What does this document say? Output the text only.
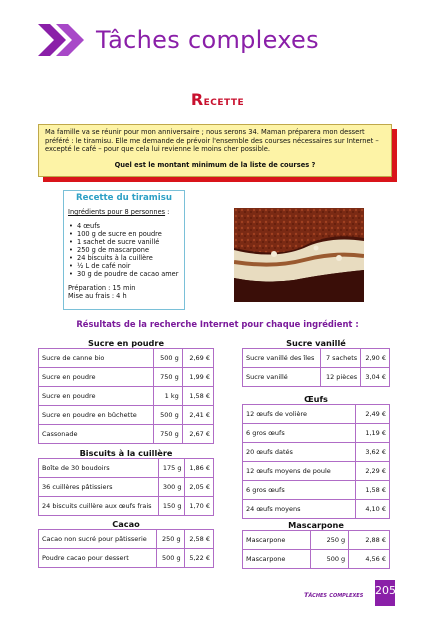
Tâches complexes
Recette
Ma famille va se réunir pour mon anniversaire ; nous serons 34. Maman préparera mon dessert préféré : le tiramisu. Elle me demande de prévoir l'ensemble des courses nécessaires sur Internet – excepté le café – pour que cela lui revienne le moins cher possible.
Quel est le montant minimum de la liste de courses ?
Recette du tiramisu
Ingrédients pour 8 personnes :
• 4 œufs
• 100 g de sucre en poudre
• 1 sachet de sucre vanillé
• 250 g de mascarpone
• 24 biscuits à la cuillère
• ½ L de café noir
• 30 g de poudre de cacao amer
Préparation : 15 min
Mise au frais : 4 h
Résultats de la recherche Internet pour chaque ingrédient :
Sucre en poudre
Sucre de canne bio	500 g	2,69 €
Sucre en poudre	750 g	1,99 €
Sucre en poudre	1 kg	1,58 €
Sucre en poudre en bûchette	500 g	2,41 €
Cassonade	750 g	2,67 €
Biscuits à la cuillère
Boîte de 30 boudoirs	175 g	1,86 €
36 cuillères pâtissiers	300 g	2,05 €
24 biscuits cuillère aux œufs frais	150 g	1,70 €
Cacao
Cacao non sucré pour pâtisserie	250 g	2,58 €
Poudre cacao pour dessert	500 g	5,22 €
Sucre vanillé
Sucre vanillé des îles	7 sachets	2,90 €
Sucre vanillé	12 pièces	3,04 €
Œufs
12 œufs de volière	2,49 €
6 gros œufs	1,19 €
20 œufs datés	3,62 €
12 œufs moyens de poule	2,29 €
6 gros œufs	1,58 €
24 œufs moyens	4,10 €
Mascarpone
Mascarpone	250 g	2,88 €
Mascarpone	500 g	4,56 €
Tâches complexes 205
